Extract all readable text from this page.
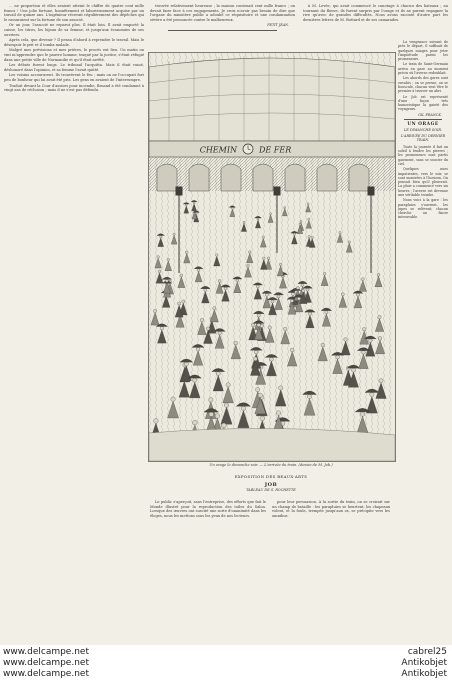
… ne proportion et elles avaient atteint le chiffre de quatre cent mille francs ! Une jolie fortune, honnêtement et laborieusement acquise par un travail de quinze ans. L'ingénieur récevait régulièrement des dépêches qui le rassuraient sur la fortune de son associé.

Or un jour, l'associé ne reparut plus. Il était loin. Il avait emporté la caisse, les titres, les bijoux de sa femme, et jusqu'aux économies de ses ouvriers.

Après cela, que devenir ? Il pensa d'abord à reprendre le travail. Mais le désespoir le prit et il tomba malade.

Malgré mes prévisions et mes prières, le procès eut lieu. Un matin on vint m'apprendre que le pauvre homme, traqué par la justice, s'était réfugié dans une petite ville de Normandie et qu'il était arrêté.

Les débats furent longs. Le tribunal l'acquitta. Mais il était ruiné, déshonoré dans l'opinion, et sa femme l'avait quitté.

Les voisins accoururent. Ils trouvèrent le feu ; mais on ne l'occupait fort peu de bonheur qui lui avait été pris. Les gens en avaient de l'interrompre.

Traduit devant la Cour d'assises pour incendie, Bruand a été condamné à vingt ans de réclusion ; mais il ne s'est pas défendu.

trouvée relativement heureuse ; la maison contenait cent mille francs ; on devait faire face à ces engagements. Je crois n'avoir pas besoin de dire que l'organe du ministère public a adoubé ce réquisitoire et une condamnation sévère a été prononcée contre le malheureux.

PETIT JEAN.

à M. Levée, qui avait commencé le canotage à chacun des bateaux ; au tournant du fleuve, ils furent surpris par l'orage et ils ne purent regagner la rive qu'avec de grandes difficultés. Nous avons raconté d'autre part les dernières lettres de M. Bottard et de ses camarades.

CHEMIN	DE FER
Un orage le dimanche soir. — L'arrivée du train. (dessin de M. Job.)
EXPOSITION DES BEAUX-ARTS
JOB
TABLEAU DE G. ROCHETTE

Le public s'aperçoit, sans l'entreprise, des efforts que fait le Monde illustré pour la reproduction des toiles du Salon. Lorsque des œuvres ont suscité une sorte d'unanimité dans les éloges, nous les mettons sous les yeux de nos lecteurs.

pour leur persuasion. À la sortie du train, on se croirait sur un champ de bataille : les parapluies se heurtent, les chapeaux volent, et la foule, trempée jusqu'aux os, se précipite vers les omnibus.

La vengeance suivant de près le départ, il suffisait de quelques nuages pour jeter l'inquiétude parmi les promeneurs.

Le train de Saint-Germain arriva en gare au moment précis où l'averse redoublait.

Les abords des gares sont envahis ; on se presse, on se bouscule, chacun veut être le premier à trouver un abri.

Le Job est représenté d'une façon très humoristique la gaieté des voyageurs.

GIL FRANCK.
UN ORAGE
LE DIMANCHE SOIR.
L'ARRIVÉE DU DERNIER TRAIN.

Toute la journée il fait un soleil à fendre les pierres ; les promeneurs sont partis gaiement, sans se soucier du ciel.

Quelques nues impatientes, vers le soir, se sont montrées à l'horizon. On pensait bien qu'il pleuvrait. La pluie a commencé vers six heures ; l'averse est devenue une véritable trombe.

Nous voici à la gare : les parapluies s'ouvrent, les jupes se relèvent, chacun cherche un fiacre introuvable.

www.delcampe.net
www.delcampe.net
www.delcampe.net
cabrel25
Antikobjet
Antikobjet
